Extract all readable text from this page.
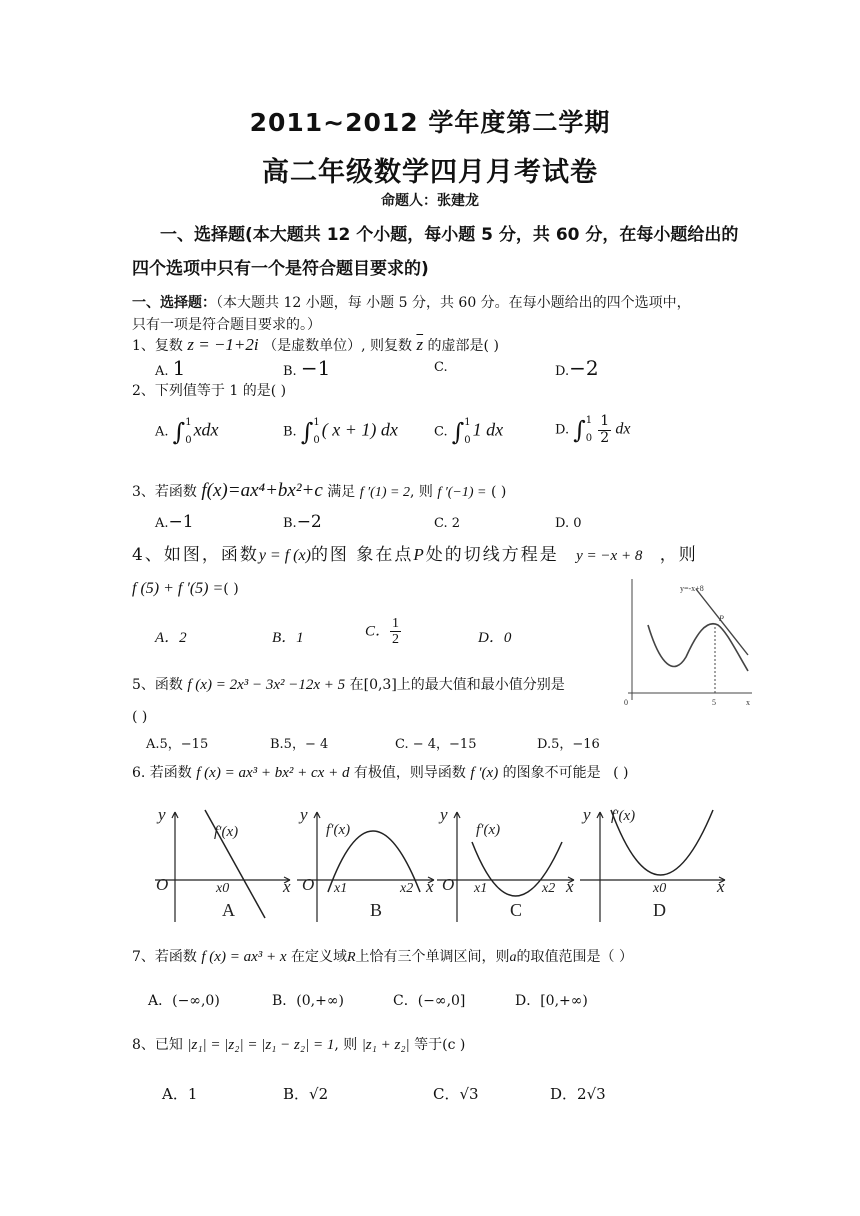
2011~2012 学年度第二学期
高二年级数学四月月考试卷
命题人：张建龙
一、选择题(本大题共 12 个小题，每小题 5 分，共 60 分，在每小题给出的
四个选项中只有一个是符合题目要求的)
一、选择题：（本大题共 12 小题，每 小题 5 分，共 60 分。在每小题给出的四个选项中，
只有一项是符合题目要求的。）
1、复数 z = −1+2i （是虚数单位）, 则复数 $\overline{z}$ 的虚部是( )
A. 1	B. −1	C.	D.−2
2、下列值等于 1 的是( )
A. ∫ 1
0
xdx	B. ∫ 1
0
( x + 1) dx	C. ∫ 1
0
1 dx	D. ∫ 1
0
$\frac{1}{2}$ dx
3、若函数 f(x)=ax⁴+bx²+c 满足 f ′(1) = 2, 则 f ′(−1) = ( )
A.−1	B.−2	C. 2	D. 0
4、如图，函数y = f (x)的图 象在点P处的切线方程是 y = −x + 8 ，则
f (5) + f ′(5) =( )
A．2	B．1	C． $\frac{1}{2}$	D．0
y=-x+8
P
0	5	x
5、函数 f (x) = 2x³ − 3x² −12x + 5 在[0,3]上的最大值和最小值分别是
( )
A.5，−15	B.5，− 4	C. − 4，−15	D.5，−16
6. 若函数 f (x) = ax³ + bx² + cx + d 有极值，则导函数 f ′(x) 的图象不可能是 ( )
y
f′(x)
O	x0	x
A
y
f′(x)
O x1	x2 x
B
y
f′(x)
O x1	x2 x
C
y f′(x)
x0	x
D
7、若函数 f (x) = ax³ + x 在定义域R上恰有三个单调区间，则a的取值范围是（ ）
A．(−∞,0)	B．(0,+∞)	C．(−∞,0]	D．[0,+∞)
8、已知 |z₁| = |z₂| = |z₁ − z₂| = 1, 则 |z₁ + z₂| 等于(c )
A．1	B．√2	C．√3	D．2√3
